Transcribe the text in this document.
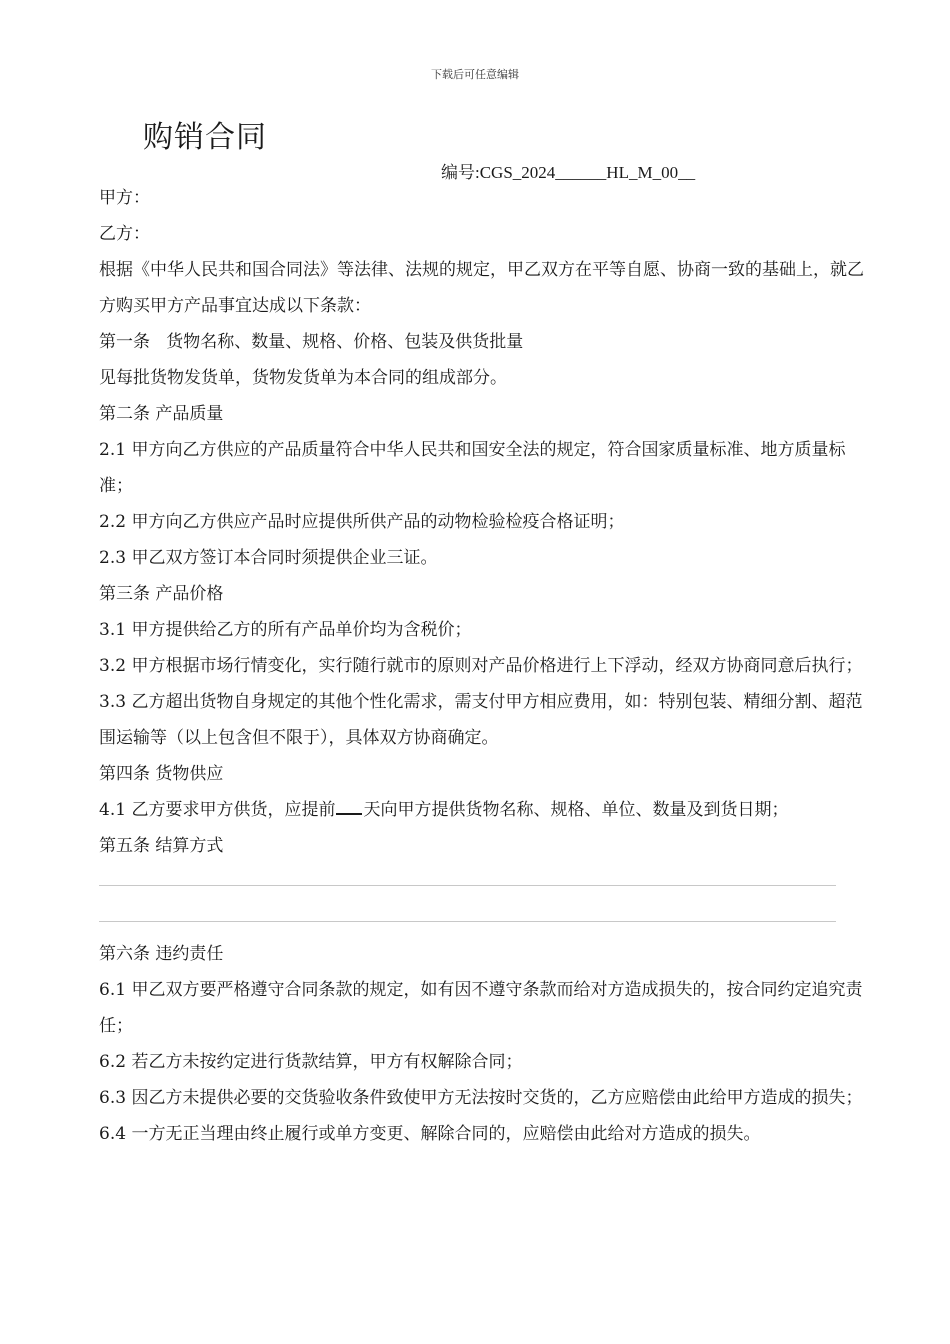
下载后可任意编辑
购销合同
编号:CGS_2024______HL_M_00__
甲方：
乙方：
根据《中华人民共和国合同法》等法律、法规的规定，甲乙双方在平等自愿、协商一致的基础上，就乙方购买甲方产品事宜达成以下条款：
第一条   货物名称、数量、规格、价格、包装及供货批量
见每批货物发货单，货物发货单为本合同的组成部分。
第二条 产品质量
2.1 甲方向乙方供应的产品质量符合中华人民共和国安全法的规定，符合国家质量标准、地方质量标准；
2.2 甲方向乙方供应产品时应提供所供产品的动物检验检疫合格证明；
2.3 甲乙双方签订本合同时须提供企业三证。
第三条 产品价格
3.1 甲方提供给乙方的所有产品单价均为含税价；
3.2 甲方根据市场行情变化，实行随行就市的原则对产品价格进行上下浮动，经双方协商同意后执行；
3.3 乙方超出货物自身规定的其他个性化需求，需支付甲方相应费用，如：特别包装、精细分割、超范围运输等（以上包含但不限于），具体双方协商确定。
第四条 货物供应
4.1 乙方要求甲方供货，应提前 天向甲方提供货物名称、规格、单位、数量及到货日期；
第五条 结算方式
第六条 违约责任
6.1 甲乙双方要严格遵守合同条款的规定，如有因不遵守条款而给对方造成损失的，按合同约定追究责任；
6.2 若乙方未按约定进行货款结算，甲方有权解除合同；
6.3 因乙方未提供必要的交货验收条件致使甲方无法按时交货的，乙方应赔偿由此给甲方造成的损失；
6.4 一方无正当理由终止履行或单方变更、解除合同的，应赔偿由此给对方造成的损失。
